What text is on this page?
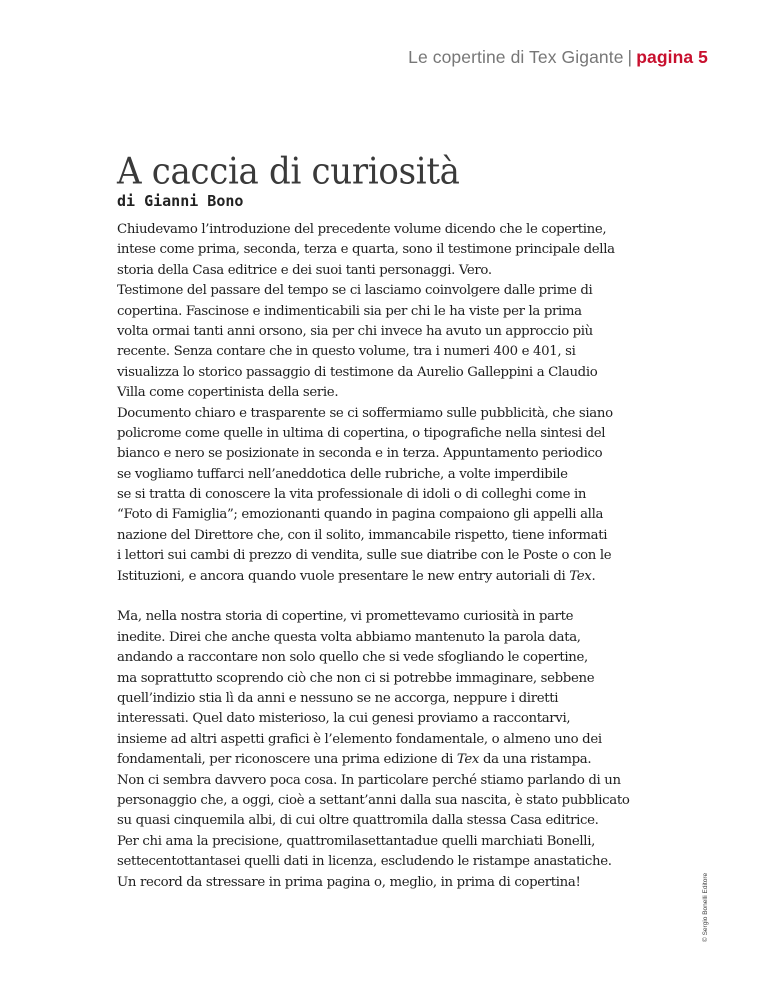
Le copertine di Tex Gigante | pagina 5
A caccia di curiosità
di Gianni Bono
Chiudevamo l’introduzione del precedente volume dicendo che le copertine,
intese come prima, seconda, terza e quarta, sono il testimone principale della
storia della Casa editrice e dei suoi tanti personaggi. Vero.
Testimone del passare del tempo se ci lasciamo coinvolgere dalle prime di
copertina. Fascinose e indimenticabili sia per chi le ha viste per la prima
volta ormai tanti anni orsono, sia per chi invece ha avuto un approccio più
recente. Senza contare che in questo volume, tra i numeri 400 e 401, si
visualizza lo storico passaggio di testimone da Aurelio Galleppini a Claudio
Villa come copertinista della serie.
Documento chiaro e trasparente se ci soffermiamo sulle pubblicità, che siano
policrome come quelle in ultima di copertina, o tipografiche nella sintesi del
bianco e nero se posizionate in seconda e in terza. Appuntamento periodico
se vogliamo tuffarci nell’aneddotica delle rubriche, a volte imperdibile
se si tratta di conoscere la vita professionale di idoli o di colleghi come in
“Foto di Famiglia”; emozionanti quando in pagina compaiono gli appelli alla
nazione del Direttore che, con il solito, immancabile rispetto, tiene informati
i lettori sui cambi di prezzo di vendita, sulle sue diatribe con le Poste o con le
Istituzioni, e ancora quando vuole presentare le new entry autoriali di Tex.
Ma, nella nostra storia di copertine, vi promettevamo curiosità in parte
inedite. Direi che anche questa volta abbiamo mantenuto la parola data,
andando a raccontare non solo quello che si vede sfogliando le copertine,
ma soprattutto scoprendo ciò che non ci si potrebbe immaginare, sebbene
quell’indizio stia lì da anni e nessuno se ne accorga, neppure i diretti
interessati. Quel dato misterioso, la cui genesi proviamo a raccontarvi,
insieme ad altri aspetti grafici è l’elemento fondamentale, o almeno uno dei
fondamentali, per riconoscere una prima edizione di Tex da una ristampa.
Non ci sembra davvero poca cosa. In particolare perché stiamo parlando di un
personaggio che, a oggi, cioè a settant’anni dalla sua nascita, è stato pubblicato
su quasi cinquemila albi, di cui oltre quattromila dalla stessa Casa editrice.
Per chi ama la precisione, quattromilasettantadue quelli marchiati Bonelli,
settecentottantasei quelli dati in licenza, escludendo le ristampe anastatiche.
Un record da stressare in prima pagina o, meglio, in prima di copertina!	© Sergio Bonelli Editore
